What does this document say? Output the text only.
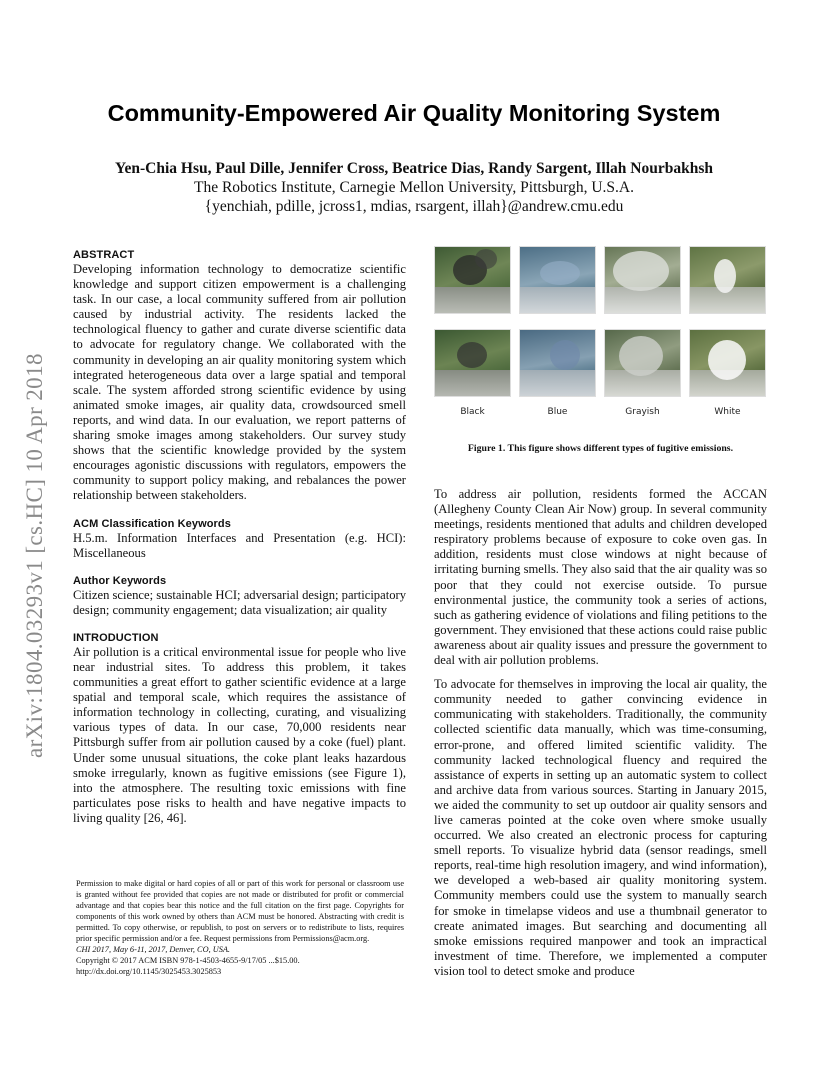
arXiv:1804.03293v1 [cs.HC] 10 Apr 2018
Community-Empowered Air Quality Monitoring System
Yen-Chia Hsu, Paul Dille, Jennifer Cross, Beatrice Dias, Randy Sargent, Illah Nourbakhsh
The Robotics Institute, Carnegie Mellon University, Pittsburgh, U.S.A.
{yenchiah, pdille, jcross1, mdias, rsargent, illah}@andrew.cmu.edu

ABSTRACT

Developing information technology to democratize scientific knowledge and support citizen empowerment is a challenging task. In our case, a local community suffered from air pollution caused by industrial activity. The residents lacked the technological fluency to gather and curate diverse scientific data to advocate for regulatory change. We collaborated with the community in developing an air quality monitoring system which integrated heterogeneous data over a large spatial and temporal scale. The system afforded strong scientific evidence by using animated smoke images, air quality data, crowdsourced smell reports, and wind data. In our evaluation, we report patterns of sharing smoke images among stakeholders. Our survey study shows that the scientific knowledge provided by the system encourages agonistic discussions with regulators, empowers the community to support policy making, and rebalances the power relationship between stakeholders.

ACM Classification Keywords

H.5.m. Information Interfaces and Presentation (e.g. HCI): Miscellaneous

Author Keywords

Citizen science; sustainable HCI; adversarial design; participatory design; community engagement; data visualization; air quality

INTRODUCTION

Air pollution is a critical environmental issue for people who live near industrial sites. To address this problem, it takes communities a great effort to gather scientific evidence at a large spatial and temporal scale, which requires the assistance of information technology in collecting, curating, and visualizing various types of data. In our case, 70,000 residents near Pittsburgh suffer from air pollution caused by a coke (fuel) plant. Under some unusual situations, the coke plant leaks hazardous smoke irregularly, known as fugitive emissions (see Figure 1), into the atmosphere. The resulting toxic emissions with fine particulates pose risks to health and have negative impacts to living quality [26, 46].

Black	Blue	Grayish	White
Figure 1. This figure shows different types of fugitive emissions.

To address air pollution, residents formed the ACCAN (Allegheny County Clean Air Now) group. In several community meetings, residents mentioned that adults and children developed respiratory problems because of exposure to coke oven gas. In addition, residents must close windows at night because of irritating burning smells. They also said that the air quality was so poor that they could not exercise outside. To pursue environmental justice, the community took a series of actions, such as gathering evidence of violations and filing petitions to the government. They envisioned that these actions could raise public awareness about air quality issues and pressure the government to deal with air pollution problems.

To advocate for themselves in improving the local air quality, the community needed to gather convincing evidence in communicating with stakeholders. Traditionally, the community collected scientific data manually, which was time-consuming, error-prone, and offered limited scientific validity. The community lacked technological fluency and required the assistance of experts in setting up an automatic system to collect and archive data from various sources. Starting in January 2015, we aided the community to set up outdoor air quality sensors and live cameras pointed at the coke oven where smoke usually occurred. We also created an electronic process for capturing smell reports. To visualize hybrid data (sensor readings, smell reports, real-time high resolution imagery, and wind information), we developed a web-based air quality monitoring system. Community members could use the system to manually search for smoke in timelapse videos and use a thumbnail generator to create animated images. But searching and documenting all smoke emissions required manpower and took an impractical investment of time. Therefore, we implemented a computer vision tool to detect smoke and produce

Permission to make digital or hard copies of all or part of this work for personal or classroom use is granted without fee provided that copies are not made or distributed for profit or commercial advantage and that copies bear this notice and the full citation on the first page. Copyrights for components of this work owned by others than ACM must be honored. Abstracting with credit is permitted. To copy otherwise, or republish, to post on servers or to redistribute to lists, requires prior specific permission and/or a fee. Request permissions from Permissions@acm.org.

CHI 2017, May 6-11, 2017, Denver, CO, USA.

Copyright © 2017 ACM ISBN 978-1-4503-4655-9/17/05 ...$15.00.

http://dx.doi.org/10.1145/3025453.3025853
